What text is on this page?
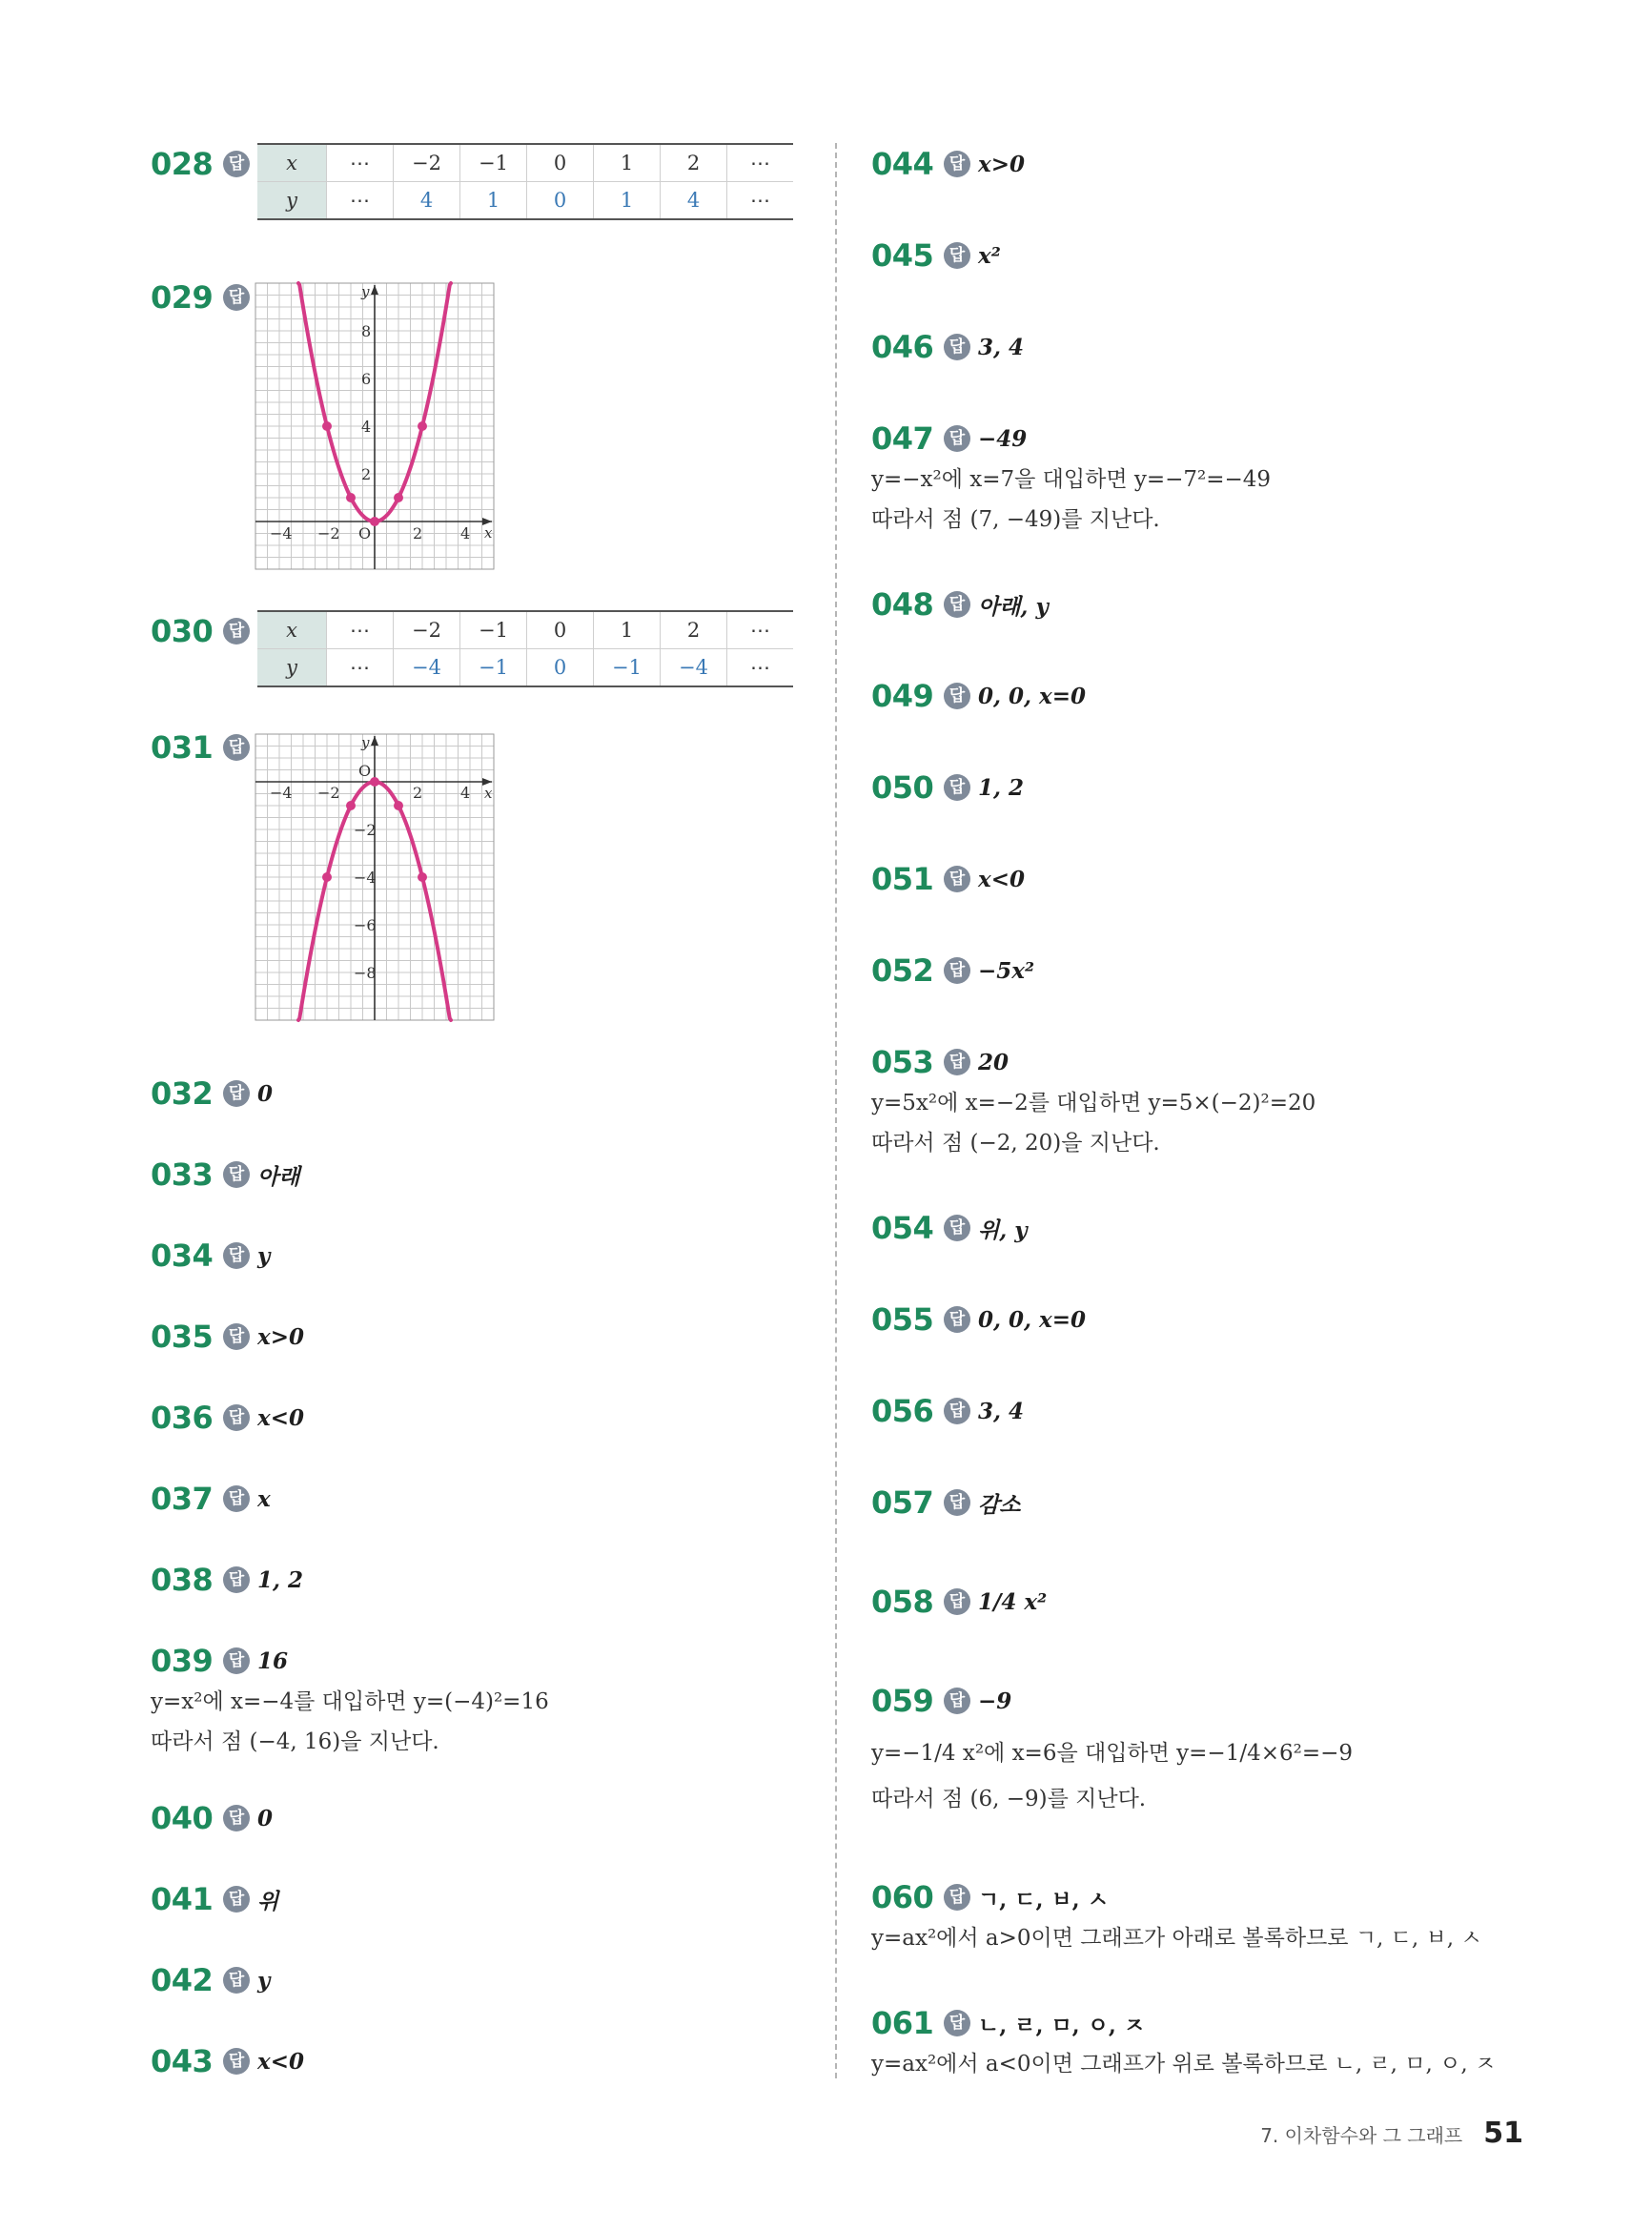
028 답 x	⋯	−2	−1	0	1	2	⋯
y	⋯	4	1	0	1	4	⋯
029 답
x
y
−4 −2 O	2 4
2
4
6
8
030 답 x	⋯	−2	−1	0	1	2	⋯
y	⋯	−4	−1	0	−1	−4	⋯
031 답
x
y
−4 −2
O
2 4
−2
−4
−6
−8
032 답 0
033 답 아래
034 답 y
035 답 x>0
036 답 x<0
037 답 x
038 답 1, 2
039 답 16
y=x²에 x=−4를 대입하면 y=(−4)²=16
따라서 점 (−4, 16)을 지난다.
040 답 0
041 답 위
042 답 y
043 답 x<0
044 답 x>0
045 답 x²
046 답 3, 4
047 답 −49
y=−x²에 x=7을 대입하면 y=−7²=−49
따라서 점 (7, −49)를 지난다.
048 답 아래, y
049 답 0, 0, x=0
050 답 1, 2
051 답 x<0
052 답 −5x²
053 답 20
y=5x²에 x=−2를 대입하면 y=5×(−2)²=20
따라서 점 (−2, 20)을 지난다.
054 답 위, y
055 답 0, 0, x=0
056 답 3, 4
057 답 감소
058 답 1/4 x²
059 답 −9
y=−1/4 x²에 x=6을 대입하면 y=−1/4×6²=−9
따라서 점 (6, −9)를 지난다.
060 답 ㄱ, ㄷ, ㅂ, ㅅ
y=ax²에서 a>0이면 그래프가 아래로 볼록하므로 ㄱ, ㄷ, ㅂ, ㅅ
061 답 ㄴ, ㄹ, ㅁ, ㅇ, ㅈ
y=ax²에서 a<0이면 그래프가 위로 볼록하므로 ㄴ, ㄹ, ㅁ, ㅇ, ㅈ
7. 이차함수와 그 그래프 51
